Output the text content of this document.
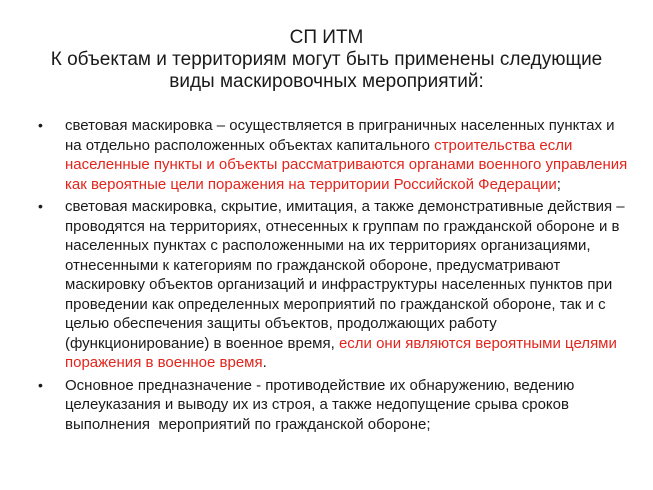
СП ИТМ
К объектам и территориям могут быть применены следующие
виды маскировочных мероприятий:
•	световая маскировка – осуществляется в приграничных населенных пунктах и на отдельно расположенных объектах капитального строительства если населенные пункты и объекты рассматриваются органами военного управления как вероятные цели поражения на территории Российской Федерации;
•	световая маскировка, скрытие, имитация, а также демонстративные действия – проводятся на территориях, отнесенных к группам по гражданской обороне и в населенных пунктах с расположенными на их территориях организациями, отнесенными к категориям по гражданской обороне, предусматривают маскировку объектов организаций и инфраструктуры населенных пунктов при проведении как определенных мероприятий по гражданской обороне, так и с целью обеспечения защиты объектов, продолжающих работу (функционирование) в военное время, если они являются вероятными целями поражения в военное время.
•	Основное предназначение - противодействие их обнаружению, ведению целеуказания и выводу их из строя, а также недопущение срыва сроков выполнения  мероприятий по гражданской обороне;
